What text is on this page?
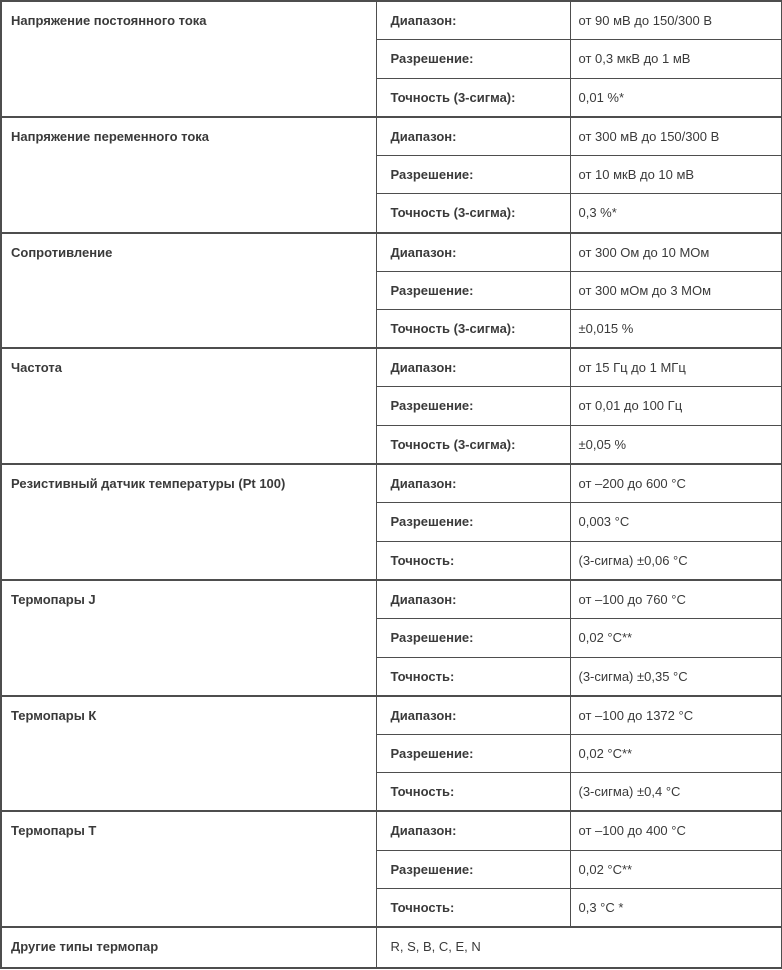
Напряжение постоянного тока	Диапазон:	от 90 мВ до 150/300 В
	Разрешение:	от 0,3 мкВ до 1 мВ
	Точность (3-сигма):	0,01 %*
Напряжение переменного тока	Диапазон:	от 300 мВ до 150/300 В
	Разрешение:	от 10 мкВ до 10 мВ
	Точность (3-сигма):	0,3 %*
Сопротивление	Диапазон:	от 300 Ом до 10 МОм
	Разрешение:	от 300 мОм до 3 МОм
	Точность (3-сигма):	±0,015 %
Частота	Диапазон:	от 15 Гц до 1 МГц
	Разрешение:	от 0,01 до 100 Гц
	Точность (3-сигма):	±0,05 %
Резистивный датчик температуры (Pt 100)	Диапазон:	от –200 до 600 °С
	Разрешение:	0,003 °С
	Точность:	(3-сигма) ±0,06 °С
Термопары J	Диапазон:	от –100 до 760 °С
	Разрешение:	0,02 °С**
	Точность:	(3-сигма) ±0,35 °С
Термопары К	Диапазон:	от –100 до 1372 °С
	Разрешение:	0,02 °С**
	Точность:	(3-сигма) ±0,4 °С
Термопары Т	Диапазон:	от –100 до 400 °С
	Разрешение:	0,02 °С**
	Точность:	0,3 °С *
Другие типы термопар	R, S, B, C, E, N	
